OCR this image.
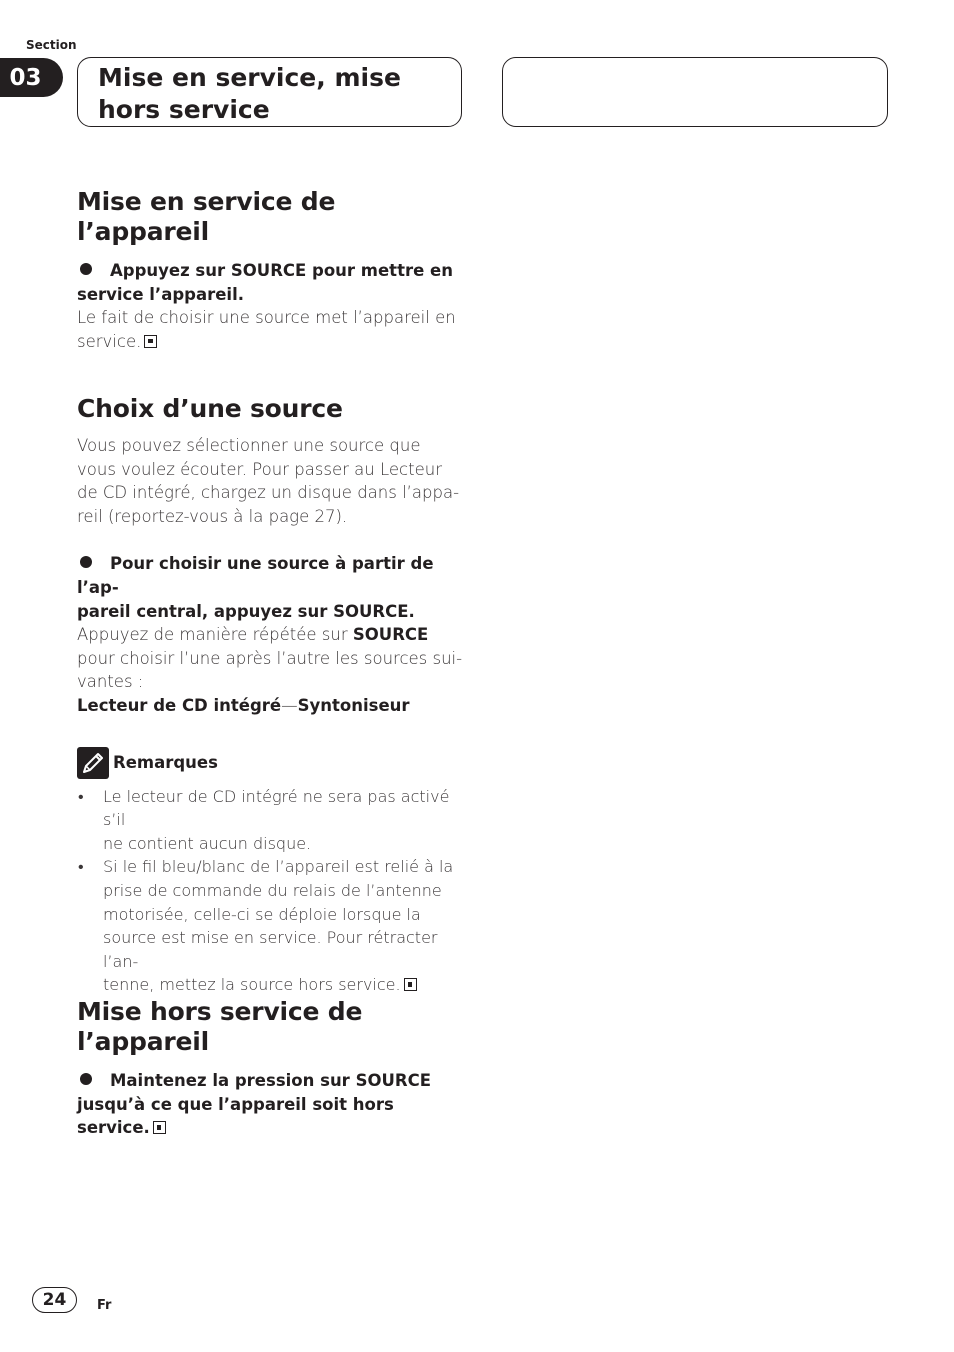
Section
03	Mise en service, mise

hors service

Mise en service de l’appareil

Appuyez sur SOURCE pour mettre en

service l’appareil.

Le fait de choisir une source met l’appareil en

service.

Choix d’une source

Vous pouvez sélectionner une source que

vous voulez écouter. Pour passer au Lecteur

de CD intégré, chargez un disque dans l’appa-

reil (reportez-vous à la page 27).

Pour choisir une source à partir de l’ap-

pareil central, appuyez sur SOURCE.

Appuyez de manière répétée sur SOURCE

pour choisir l’une après l’autre les sources sui-

vantes :

Lecteur de CD intégré—Syntoniseur

Remarques
• Le lecteur de CD intégré ne sera pas activé s’il
ne contient aucun disque.
• Si le fil bleu/blanc de l’appareil est relié à la
prise de commande du relais de l’antenne
motorisée, celle-ci se déploie lorsque la
source est mise en service. Pour rétracter l’an-
tenne, mettez la source hors service.
Mise hors service de l’appareil

Maintenez la pression sur SOURCE

jusqu’à ce que l’appareil soit hors

service.

24	Fr
